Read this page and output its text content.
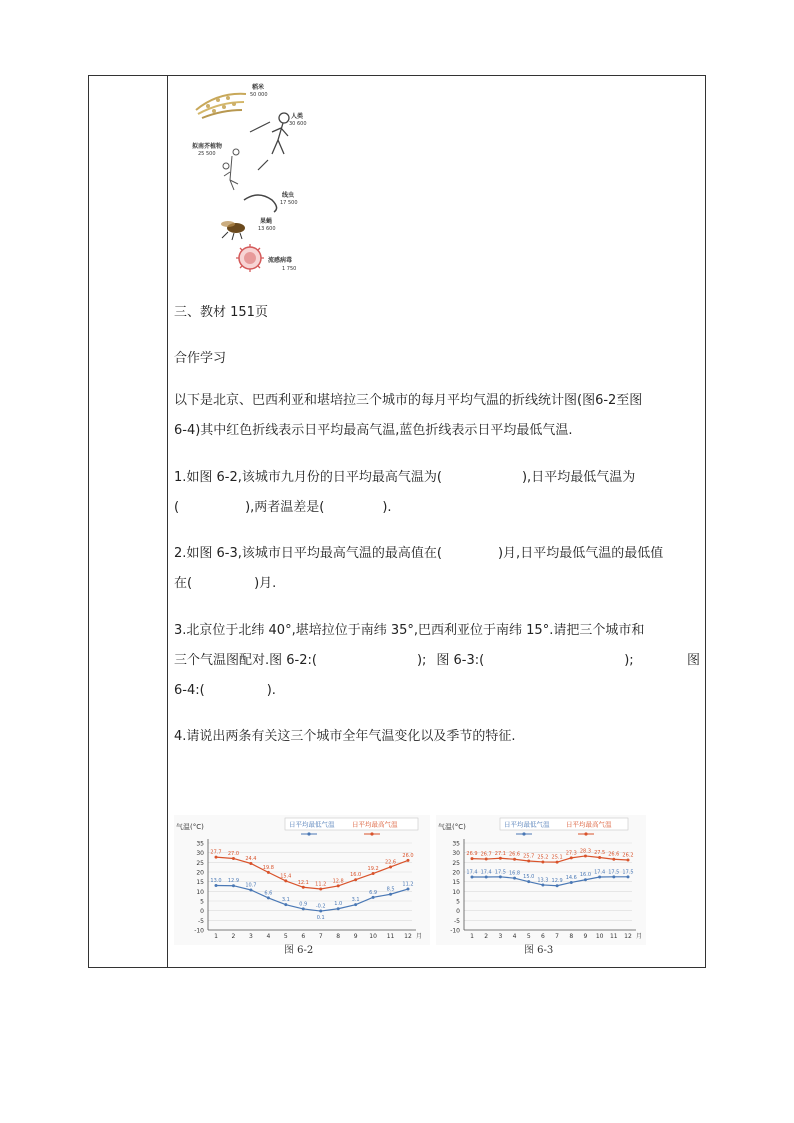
稻米
50 000
人类
30 600
拟南芥植物
25 500
线虫
17 500
果蝇
13 600
流感病毒
1 750
三、教材 151页
合作学习
以下是北京、巴西利亚和堪培拉三个城市的每月平均气温的折线统计图(图6-2至图
6-4)其中红色折线表示日平均最高气温,蓝色折线表示日平均最低气温.
1.如图 6-2,该城市九月份的日平均最高气温为(	),日平均最低气温为
(	),两者温差是(	).
2.如图 6-3,该城市日平均最高气温的最高值在(	)月,日平均最低气温的最低值
在(	)月.
3.北京位于北纬 40°,堪培拉位于南纬 35°,巴西利亚位于南纬 15°.请把三个城市和
三个气温图配对.图 6-2:(	); 图 6-3:(	);	图
6-4:(	).
4.请说出两条有关这三个城市全年气温变化以及季节的特征.
气温(°C)
-10
-5
0
5
10
15
20
25
30
35
1 2 3 4 5 6 7 8 9 10 11 12 月
日平均最低气温	日平均最高气温
13.0 12.9
10.7
6.6
3.1
0.9 -0.2 1.0
3.1
6.9
8.5
11.2
0.1
27.7 27.0
24.4
19.8
15.4
12.1 11.2
12.8
16.0
19.2
22.6
26.0
图 6-2
气温(°C)
-10
-5
0
5
10
15
20
25
30
35
1 2 3 4 5 6 7 8 9 10 11 12 月
日平均最低气温	日平均最高气温
17.4 17.4 17.5 16.8
15.0
13.3 12.9
14.6 16.0 17.4 17.5 17.5
26.9 26.7 27.1 26.6 25.7 25.2 25.1
27.3 28.3 27.5 26.6 26.2
图 6-3
